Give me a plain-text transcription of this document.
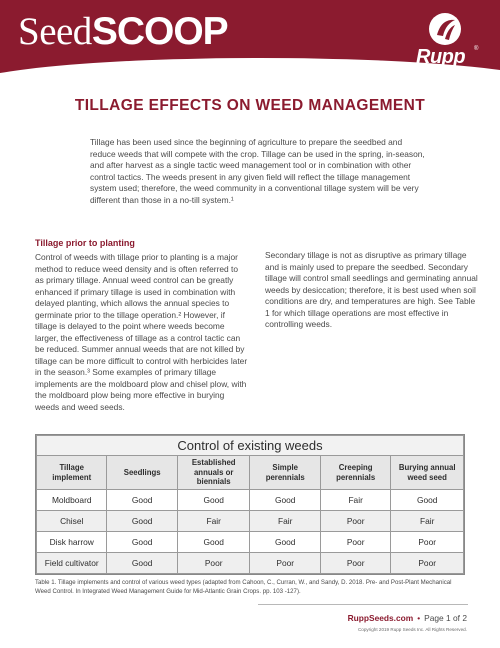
SeedSCOOP
Rupp ®
TILLAGE EFFECTS ON WEED MANAGEMENT

Tillage has been used since the beginning of agriculture to prepare the seedbed and reduce weeds that will compete with the crop. Tillage can be used in the spring, in-season, and after harvest as a single tactic weed management tool or in combination with other control tactics. The weeds present in any given field will reflect the tillage management system used; therefore, the weed community in a conventional tillage system will be very different than those in a no-till system.¹

Tillage prior to planting

Control of weeds with tillage prior to planting is a major method to reduce weed density and is often referred to as primary tillage. Annual weed control can be greatly enhanced if primary tillage is used in combination with delayed planting, which allows the annual species to germinate prior to the tillage operation.² However, if tillage is delayed to the point where weeds become larger, the effectiveness of tillage as a control tactic can be reduced. Summer annual weeds that are not killed by tillage can be more difficult to control with herbicides later in the season.³ Some examples of primary tillage implements are the moldboard plow and chisel plow, with the moldboard plow being more effective in burying weeds and weed seeds.

Secondary tillage is not as disruptive as primary tillage and is mainly used to prepare the seedbed. Secondary tillage will control small seedlings and germinating annual weeds by desiccation; therefore, it is best used when soil conditions are dry, and temperatures are high. See Table 1 for which tillage operations are most effective in controlling weeds.

Control of existing weeds					
Tillage implement	Seedlings	Established annuals or biennials	Simple perennials	Creeping perennials	Burying annual weed seed
Moldboard	Good	Good	Good	Fair	Good
Chisel	Good	Fair	Fair	Poor	Fair
Disk harrow	Good	Good	Good	Poor	Poor
Field cultivator	Good	Poor	Poor	Poor	Poor

Table 1. Tillage implements and control of various weed types (adapted from Cahoon, C., Curran, W., and Sandy, D. 2018. Pre- and Post-Plant Mechanical Weed Control. In Integrated Weed Management Guide for Mid-Atlantic Grain Crops. pp. 103 -127).

RuppSeeds.com • Page 1 of 2
Copyright 2019 Rupp Seeds Inc. All Rights Reserved.
